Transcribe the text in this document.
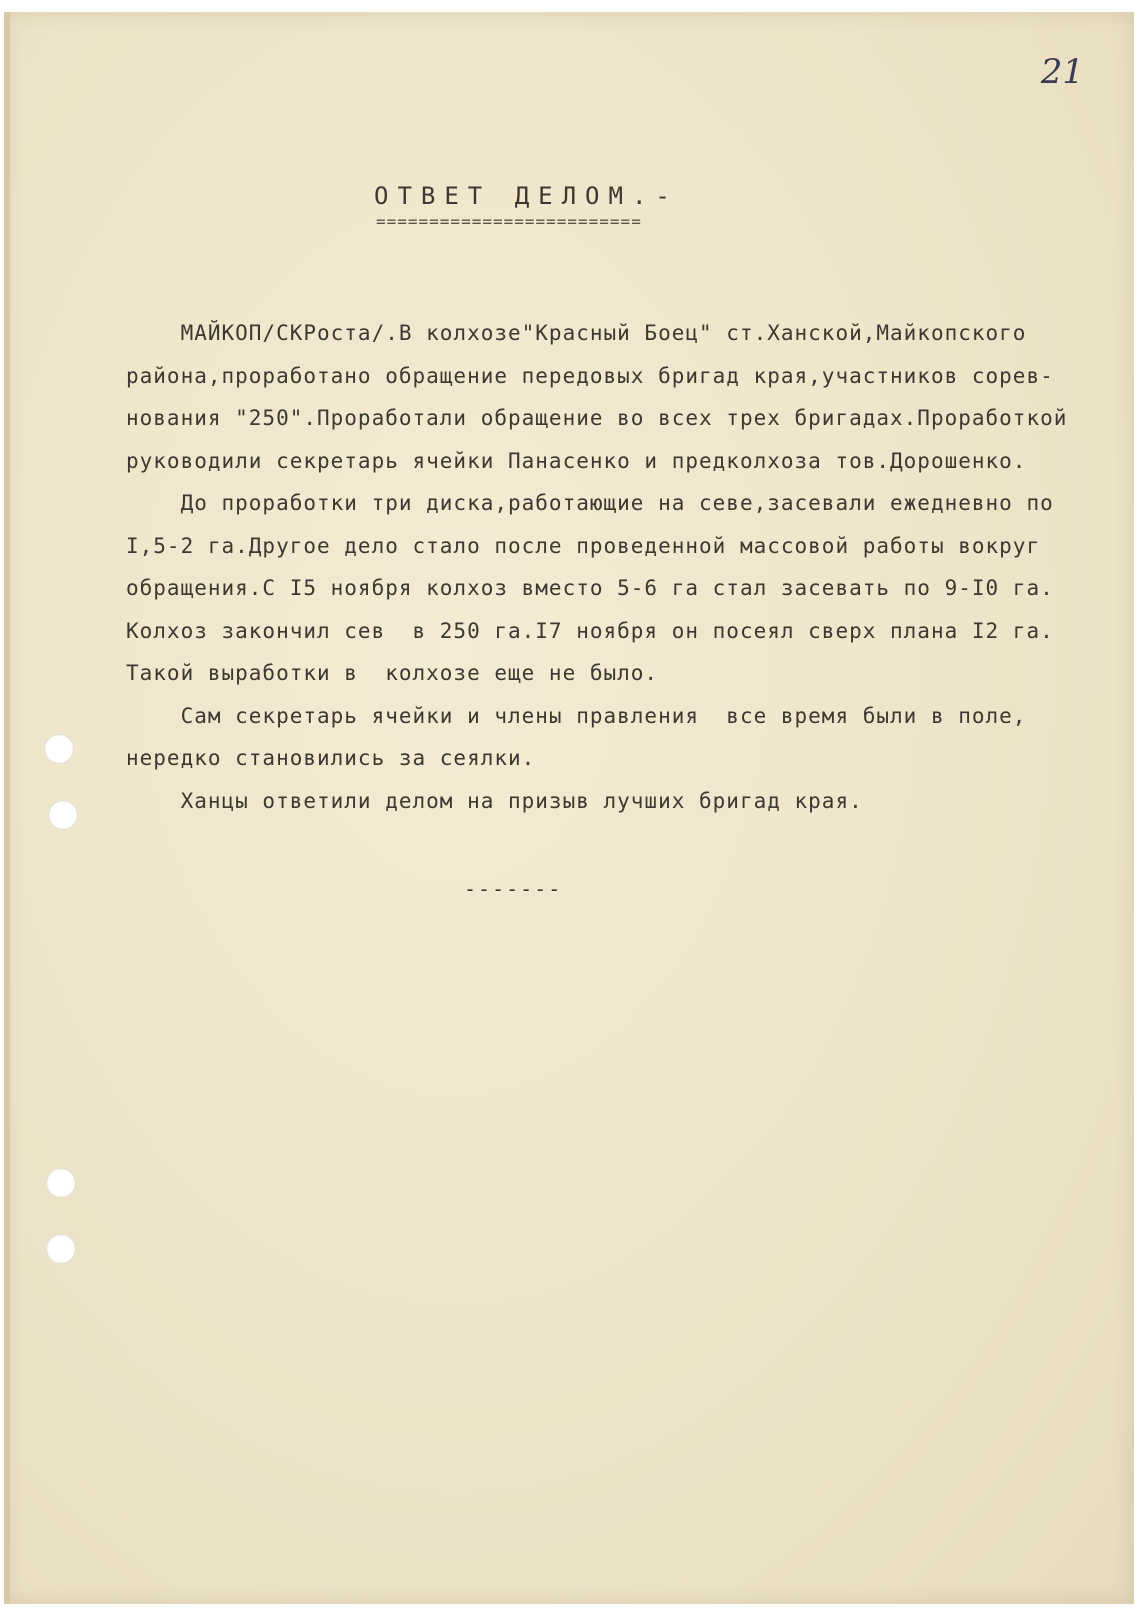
21
ОТВЕТ ДЕЛОМ.-
=========================

МАЙКОП/СКРоста/.В колхозе"Красный Боец" ст.Ханской,Майкопского

района,проработано обращение передовых бригад края,участников сорев-

нования "250".Проработали обращение во всех трех бригадах.Проработкой

руководили секретарь ячейки Панасенко и предколхоза тов.Дорошенко.

До проработки три диска,работающие на севе,засевали ежедневно по

I,5-2 га.Другое дело стало после проведенной массовой работы вокруг

обращения.С I5 ноября колхоз вместо 5-6 га стал засевать по 9-I0 га.

Колхоз закончил сев  в 250 га.I7 ноября он посеял сверх плана I2 га.

Такой выработки в  колхозе еще не было.

Сам секретарь ячейки и члены правления  все время были в поле,

нередко становились за сеялки.

Ханцы ответили делом на призыв лучших бригад края.

-------
